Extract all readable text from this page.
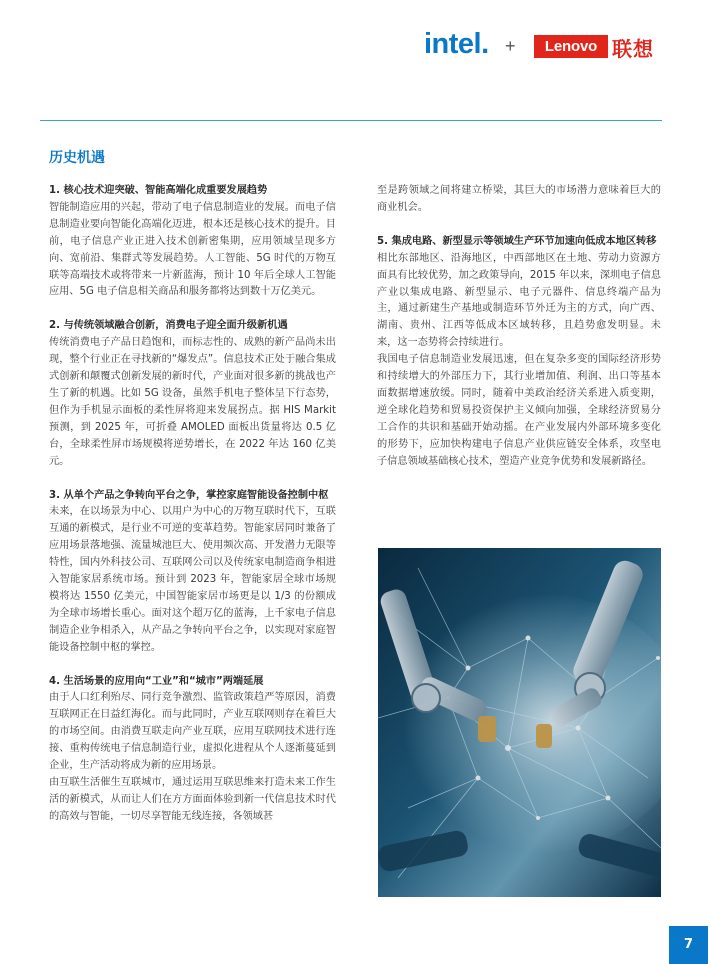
intel. +	Lenovo 联想
历史机遇

1. 核心技术迎突破、智能高端化成重要发展趋势

智能制造应用的兴起，带动了电子信息制造业的发展。而电子信息制造业要向智能化高端化迈进，根本还是核心技术的提升。目前，电子信息产业正进入技术创新密集期，应用领域呈现多方向、宽前沿、集群式等发展趋势。人工智能、5G 时代的万物互联等高端技术或将带来一片新蓝海，预计 10 年后全球人工智能应用、5G 电子信息相关商品和服务都将达到数十万亿美元。

2. 与传统领域融合创新，消费电子迎全面升级新机遇

传统消费电子产品日趋饱和，而标志性的、成熟的新产品尚未出现，整个行业正在寻找新的“爆发点”。信息技术正处于融合集成式创新和颠覆式创新发展的新时代，产业面对很多新的挑战也产生了新的机遇。比如 5G 设备，虽然手机电子整体呈下行态势，但作为手机显示面板的柔性屏将迎来发展拐点。据 HIS Markit 预测，到 2025 年，可折叠 AMOLED 面板出货量将达 0.5 亿台，全球柔性屏市场规模将逆势增长，在 2022 年达 160 亿美元。

3. 从单个产品之争转向平台之争，掌控家庭智能设备控制中枢

未来，在以场景为中心、以用户为中心的万物互联时代下，互联互通的新模式，是行业不可逆的变革趋势。智能家居同时兼备了应用场景落地强、流量城池巨大、使用频次高、开发潜力无限等特性，国内外科技公司、互联网公司以及传统家电制造商争相进入智能家居系统市场。预计到 2023 年，智能家居全球市场规模将达 1550 亿美元，中国智能家居市场更是以 1/3 的份额成为全球市场增长重心。面对这个超万亿的蓝海，上千家电子信息制造企业争相杀入，从产品之争转向平台之争，以实现对家庭智能设备控制中枢的掌控。

4. 生活场景的应用向“工业”和“城市”两端延展

由于人口红利殆尽、同行竞争激烈、监管政策趋严等原因，消费互联网正在日益红海化。而与此同时，产业互联网则存在着巨大的市场空间。由消费互联走向产业互联，应用互联网技术进行连接、重构传统电子信息制造行业，虚拟化进程从个人逐渐蔓延到企业，生产活动将成为新的应用场景。

由互联生活催生互联城市，通过运用互联思维来打造未来工作生活的新模式，从而让人们在方方面面体验到新一代信息技术时代的高效与智能，一切尽享智能无线连接，各领域甚

至是跨领域之间将建立桥梁，其巨大的市场潜力意味着巨大的商业机会。

5. 集成电路、新型显示等领域生产环节加速向低成本地区转移

相比东部地区、沿海地区，中西部地区在土地、劳动力资源方面具有比较优势，加之政策导向，2015 年以来，深圳电子信息产业以集成电路、新型显示、电子元器件、信息终端产品为主，通过新建生产基地或制造环节外迁为主的方式，向广西、湖南、贵州、江西等低成本区域转移，且趋势愈发明显。未来，这一态势将会持续进行。

我国电子信息制造业发展迅速，但在复杂多变的国际经济形势和持续增大的外部压力下，其行业增加值、利润、出口等基本面数据增速放缓。同时，随着中美政治经济关系进入质变期，逆全球化趋势和贸易投资保护主义倾向加强，全球经济贸易分工合作的共识和基础开始动摇。在产业发展内外部环境多变化的形势下，应加快构建电子信息产业供应链安全体系，攻坚电子信息领域基础核心技术，塑造产业竞争优势和发展新路径。

7
